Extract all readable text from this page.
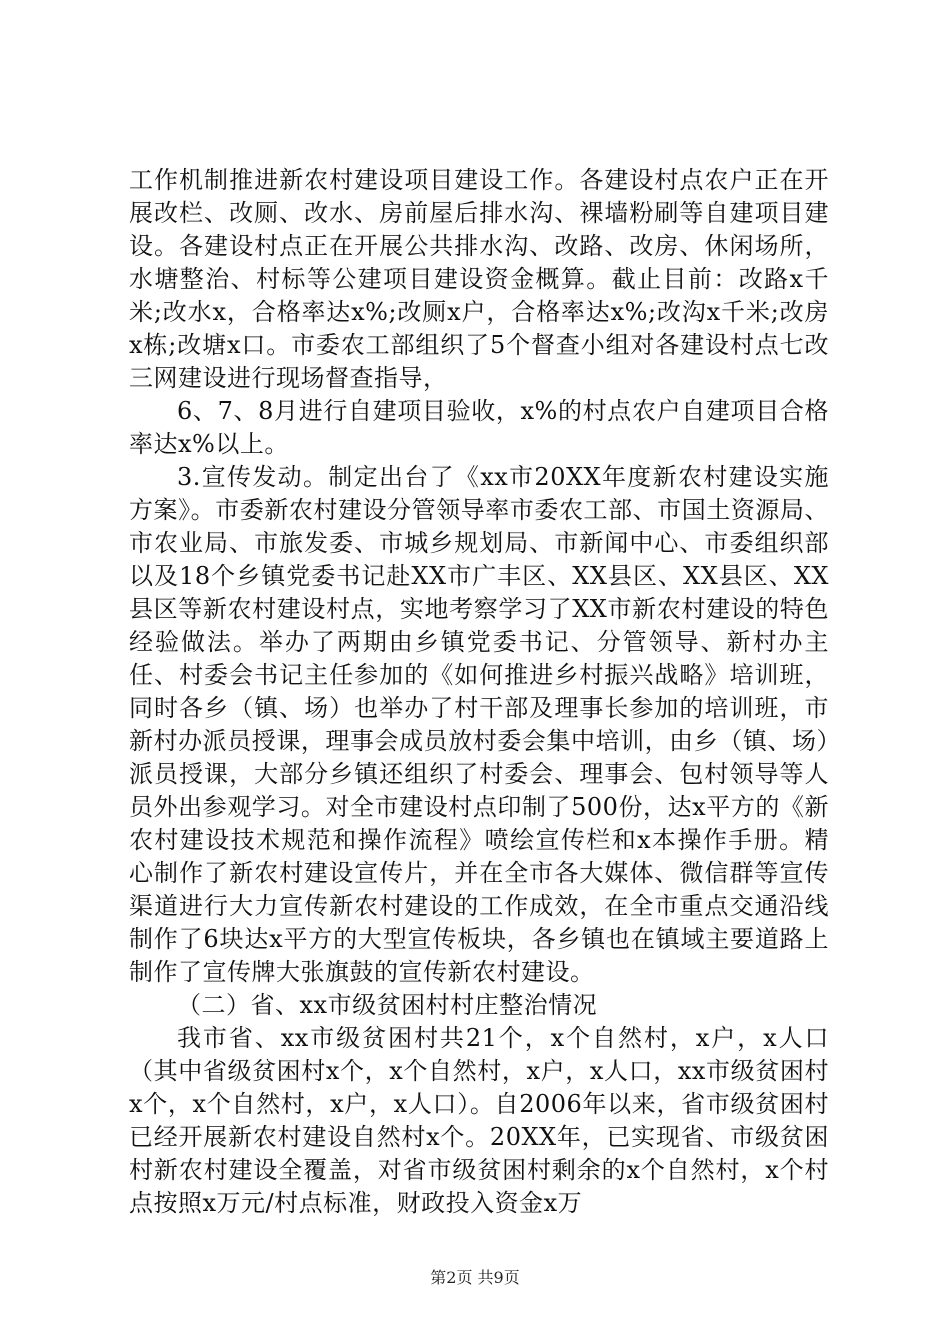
工作机制推进新农村建设项目建设工作。各建设村点农户正在开展改栏、改厕、改水、房前屋后排水沟、裸墙粉刷等自建项目建设。各建设村点正在开展公共排水沟、改路、改房、休闲场所，水塘整治、村标等公建项目建设资金概算。截止目前：改路x千米;改水x，合格率达x%;改厕x户，合格率达x%;改沟x千米;改房x栋;改塘x口。市委农工部组织了5个督查小组对各建设村点七改三网建设进行现场督查指导，

6、7、8月进行自建项目验收，x%的村点农户自建项目合格率达x%以上。

3.宣传发动。制定出台了《xx市20XX年度新农村建设实施方案》。市委新农村建设分管领导率市委农工部、市国土资源局、市农业局、市旅发委、市城乡规划局、市新闻中心、市委组织部以及18个乡镇党委书记赴XX市广丰区、XX县区、XX县区、XX县区等新农村建设村点，实地考察学习了XX市新农村建设的特色经验做法。举办了两期由乡镇党委书记、分管领导、新村办主任、村委会书记主任参加的《如何推进乡村振兴战略》培训班，同时各乡（镇、场）也举办了村干部及理事长参加的培训班，市新村办派员授课，理事会成员放村委会集中培训，由乡（镇、场）派员授课，大部分乡镇还组织了村委会、理事会、包村领导等人员外出参观学习。对全市建设村点印制了500份，达x平方的《新农村建设技术规范和操作流程》喷绘宣传栏和x本操作手册。精心制作了新农村建设宣传片，并在全市各大媒体、微信群等宣传渠道进行大力宣传新农村建设的工作成效，在全市重点交通沿线制作了6块达x平方的大型宣传板块，各乡镇也在镇域主要道路上制作了宣传牌大张旗鼓的宣传新农村建设。

（二）省、xx市级贫困村村庄整治情况

我市省、xx市级贫困村共21个，x个自然村，x户，x人口（其中省级贫困村x个，x个自然村，x户，x人口，xx市级贫困村x个，x个自然村，x户，x人口）。自2006年以来，省市级贫困村已经开展新农村建设自然村x个。20XX年，已实现省、市级贫困村新农村建设全覆盖，对省市级贫困村剩余的x个自然村，x个村点按照x万元/村点标准，财政投入资金x万

第2页 共9页
